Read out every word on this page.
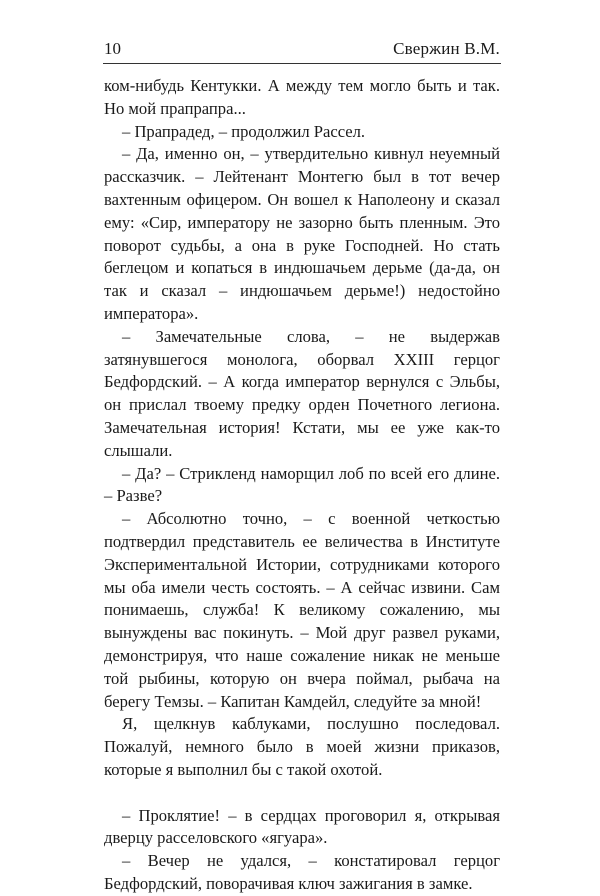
10	Свержин В.М.

ком-нибудь Кентукки. А между тем могло быть и так. Но мой прапрапра...

– Прапрадед, – продолжил Рассел.

– Да, именно он, – утвердительно кивнул неуемный рассказчик. – Лейтенант Монтегю был в тот вечер вахтенным офицером. Он вошел к Наполеону и сказал ему: «Сир, императору не зазорно быть пленным. Это поворот судьбы, а она в руке Господней. Но стать беглецом и копаться в индюшачьем дерьме (да-да, он так и сказал – индюшачьем дерьме!) недостойно императора».

– Замечательные слова, – не выдержав затянувшегося монолога, оборвал XXIII герцог Бедфордский. – А когда император вернулся с Эльбы, он прислал твоему предку орден Почетного легиона. Замечательная история! Кстати, мы ее уже как-то слышали.

– Да? – Стрикленд наморщил лоб по всей его длине. – Разве?

– Абсолютно точно, – с военной четкостью подтвердил представитель ее величества в Институте Экспериментальной Истории, сотрудниками которого мы оба имели честь состоять. – А сейчас извини. Сам понимаешь, служба! К великому сожалению, мы вынуждены вас покинуть. – Мой друг развел руками, демонстрируя, что наше сожаление никак не меньше той рыбины, которую он вчера поймал, рыбача на берегу Темзы. – Капитан Камдейл, следуйте за мной!

Я, щелкнув каблуками, послушно последовал. Пожалуй, немного было в моей жизни приказов, которые я выполнил бы с такой охотой.

– Проклятие! – в сердцах проговорил я, открывая дверцу расселовского «ягуара».

– Вечер не удался, – констатировал герцог Бедфордский, поворачивая ключ зажигания в замке.
